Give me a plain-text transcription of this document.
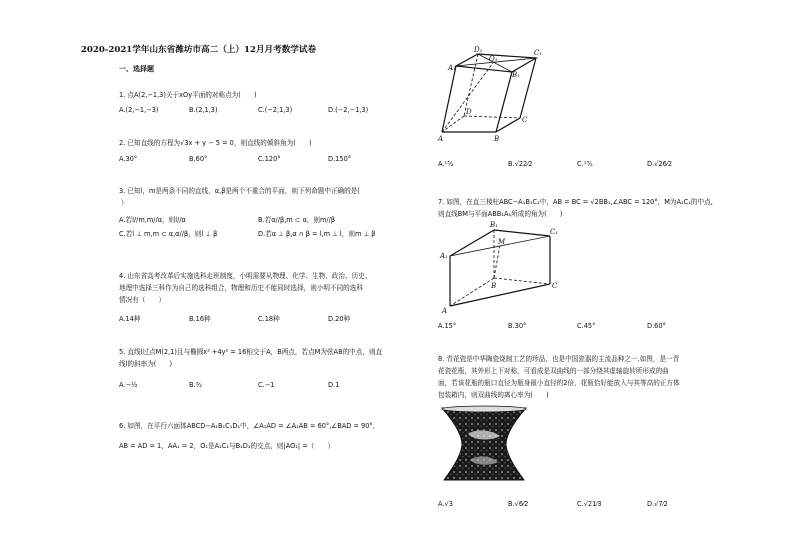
2020-2021学年山东省潍坊市高二（上）12月月考数学试卷
一、选择题
1. 点A(2,−1,3)关于xOy平面的对称点为(　　)
A.(2,−1,−3)	B.(2,1,3)	C.(−2,1,3)	D.(−2,−1,3)
2. 已知直线的方程为√3x + y − 5 = 0，则直线的倾斜角为(　　)
A.30°	B.60°	C.120°	D.150°
3. 已知l，m是两条不同的直线，α,β是两个不重合的平面，则下列命题中正确的是(
）
A.若l//m,m//α，则l//α	B.若α//β,m ⊂ α，则m//β
C.若l ⊥ m,m ⊂ α,α//β，则l ⊥ β	D.若α ⊥ β,α ∩ β = l,m ⊥ l，则m ⊥ β
4. 山东省高考改革后实施选科走班制度，小明需要从物理、化学、生物、政治、历史、
地理中选择三科作为自己的选科组合，物理和历史不能同时选择，则小明不同的选科
情况有（　　）
A.14种	B.16种	C.18种	D.20种
5. 直线l过点M(2,1)且与椭圆x² +4y² = 16相交于A，B两点，若点M为弦AB的中点，则直
线l的斜率为(　　)
A.−½	B.³⁄₂	C.−1	D.1
6. 如图，在平行六面体ABCD−A₁B₁C₁D₁中，∠A₁AD = ∠A₁AB = 60°,∠BAD = 90°，
AB = AD = 1，AA₁ = 2，O₁是A₁C₁与B₁D₁的交点，则|AO₁| =（　　）
D₁	C₁
A₁
O₁
B₁
D
C
A	B
A.¹³⁄₂	B.√22⁄2	C.¹³⁄₂	D.√26⁄2
7. 如图，在直三棱柱ABC−A₁B₁C₁中，AB = BC = √2BB₁,∠ABC = 120°，M为A₁C₁的中点,
则直线BM与平面ABB₁A₁所成的角为(　　)
B₁
C₁
M
A₁
B	C
A
A.15°	B.30°	C.45°	D.60°
8. 青花瓷是中华陶瓷烧制工艺的珍品，也是中国瓷器的主流品种之一.如图，是一青
花瓷花瓶，其外形上下对称，可看成是双曲线的一部分绕其虚轴旋转所形成的曲
面，若该花瓶的瓶口直径为瓶身最小直径的2倍，花瓶恰好能放入与其等高的正方体
包装箱内，则双曲线的离心率为(　　)
A.√3	B.√6⁄2	C.√21⁄3	D.√7⁄2
